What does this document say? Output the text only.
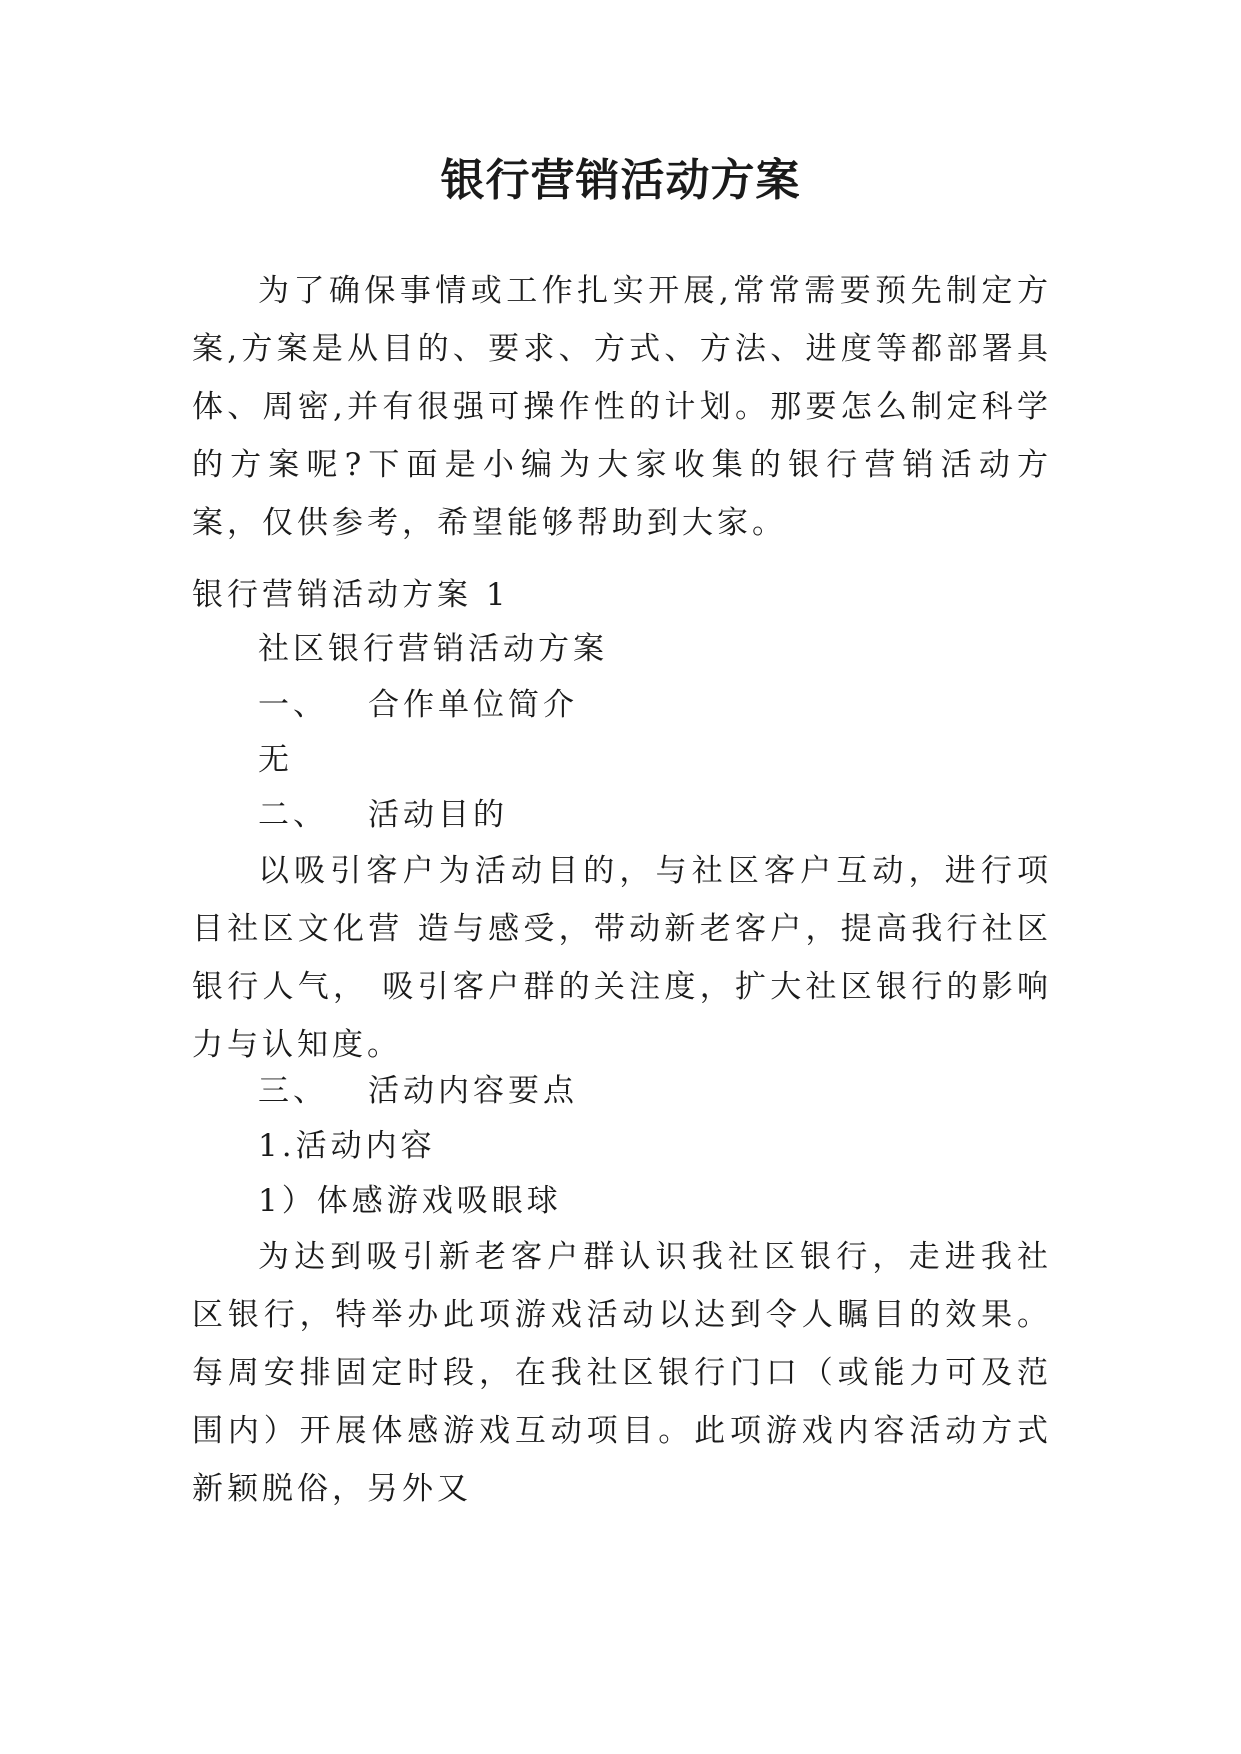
银行营销活动方案

为了确保事情或工作扎实开展,常常需要预先制定方案,方案是从目的、要求、方式、方法、进度等都部署具体、周密,并有很强可操作性的计划。那要怎么制定科学的方案呢?下面是小编为大家收集的银行营销活动方案，仅供参考，希望能够帮助到大家。

银行营销活动方案 1

社区银行营销活动方案

一、 合作单位简介

无

二、 活动目的

以吸引客户为活动目的，与社区客户互动，进行项目社区文化营 造与感受，带动新老客户，提高我行社区银行人气， 吸引客户群的关注度，扩大社区银行的影响力与认知度。

三、 活动内容要点

1.活动内容

1）体感游戏吸眼球

为达到吸引新老客户群认识我社区银行，走进我社区银行，特举办此项游戏活动以达到令人瞩目的效果。每周安排固定时段，在我社区银行门口（或能力可及范围内）开展体感游戏互动项目。此项游戏内容活动方式新颖脱俗，另外又
